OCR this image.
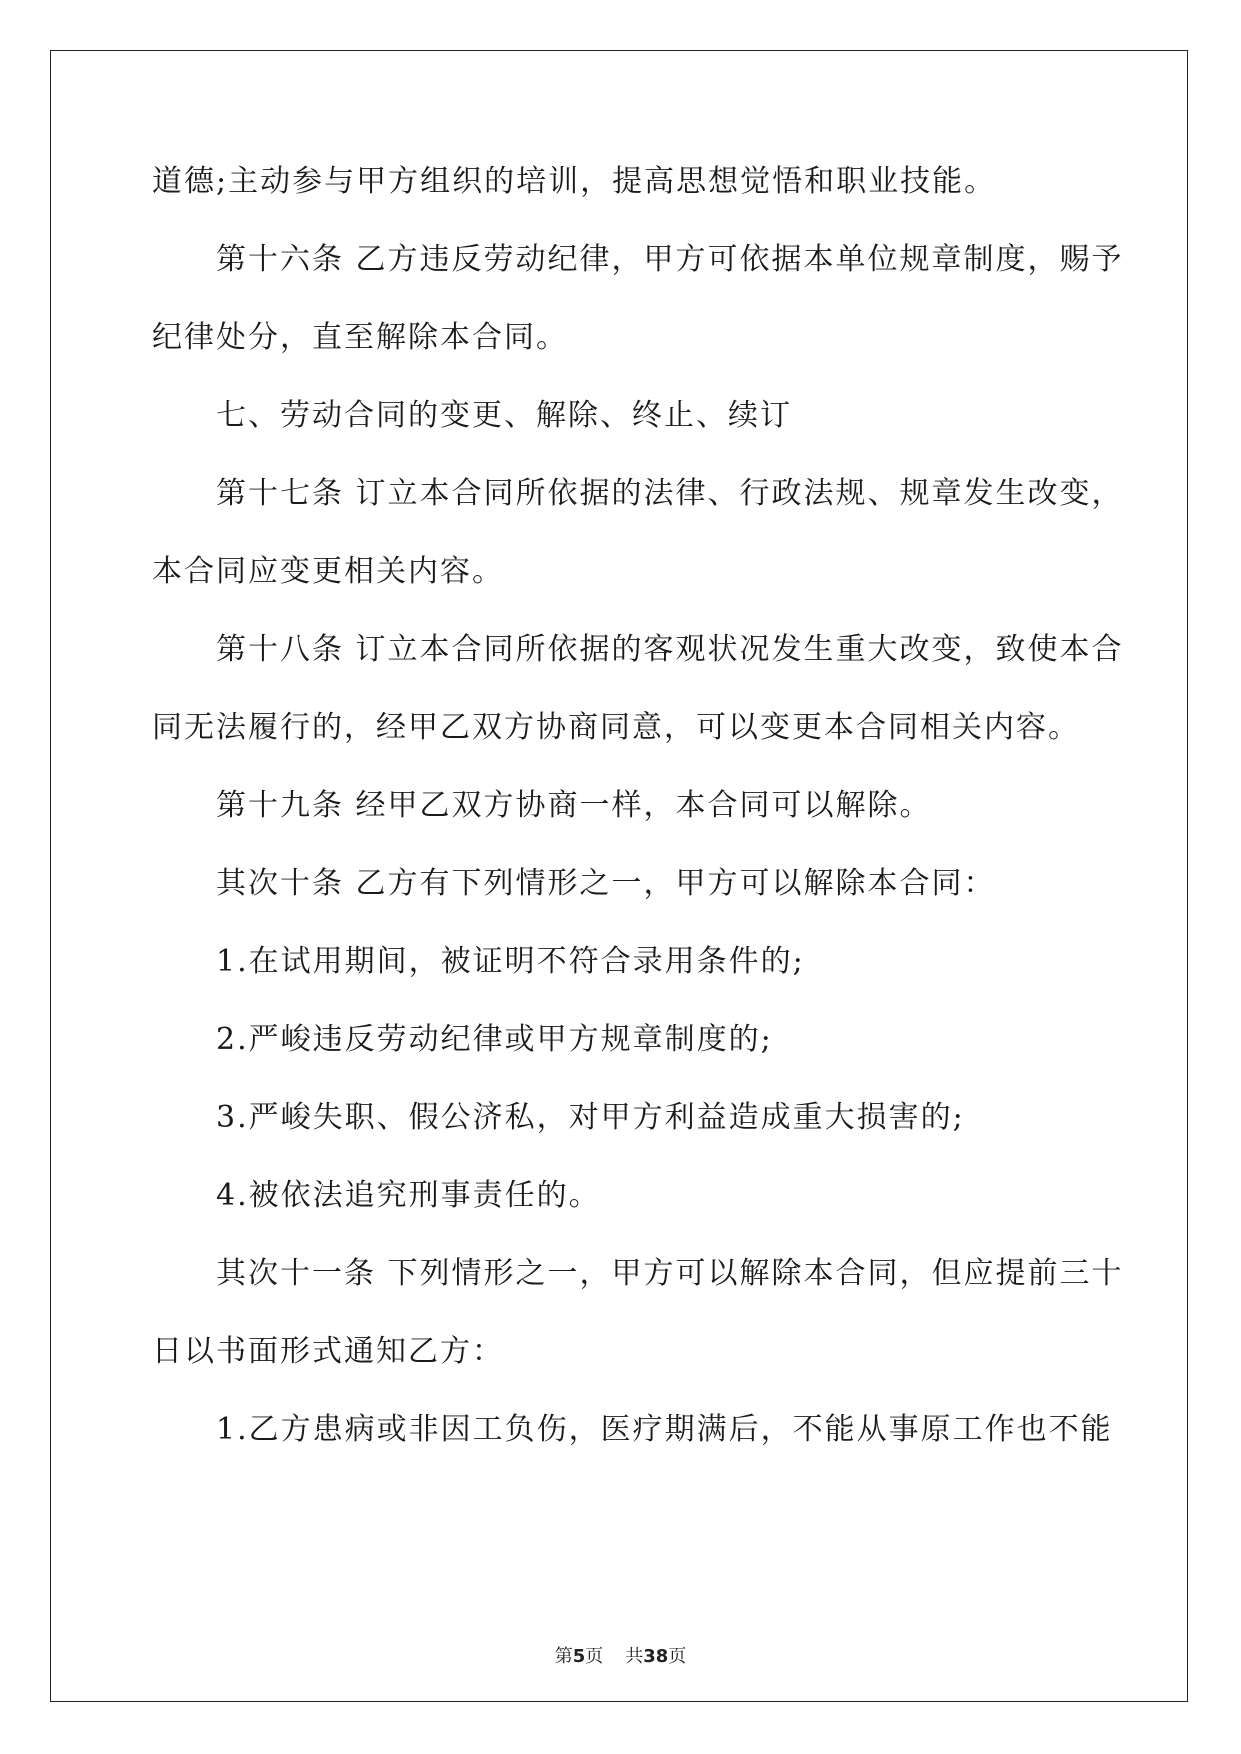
道德;主动参与甲方组织的培训，提高思想觉悟和职业技能。
第十六条 乙方违反劳动纪律，甲方可依据本单位规章制度，赐予
纪律处分，直至解除本合同。
七、劳动合同的变更、解除、终止、续订
第十七条 订立本合同所依据的法律、行政法规、规章发生改变，
本合同应变更相关内容。
第十八条 订立本合同所依据的客观状况发生重大改变，致使本合
同无法履行的，经甲乙双方协商同意，可以变更本合同相关内容。
第十九条 经甲乙双方协商一样，本合同可以解除。
其次十条 乙方有下列情形之一，甲方可以解除本合同：
1.在试用期间，被证明不符合录用条件的;
2.严峻违反劳动纪律或甲方规章制度的;
3.严峻失职、假公济私，对甲方利益造成重大损害的;
4.被依法追究刑事责任的。
其次十一条 下列情形之一，甲方可以解除本合同，但应提前三十
日以书面形式通知乙方：
1.乙方患病或非因工负伤，医疗期满后，不能从事原工作也不能
第5页 共38页
